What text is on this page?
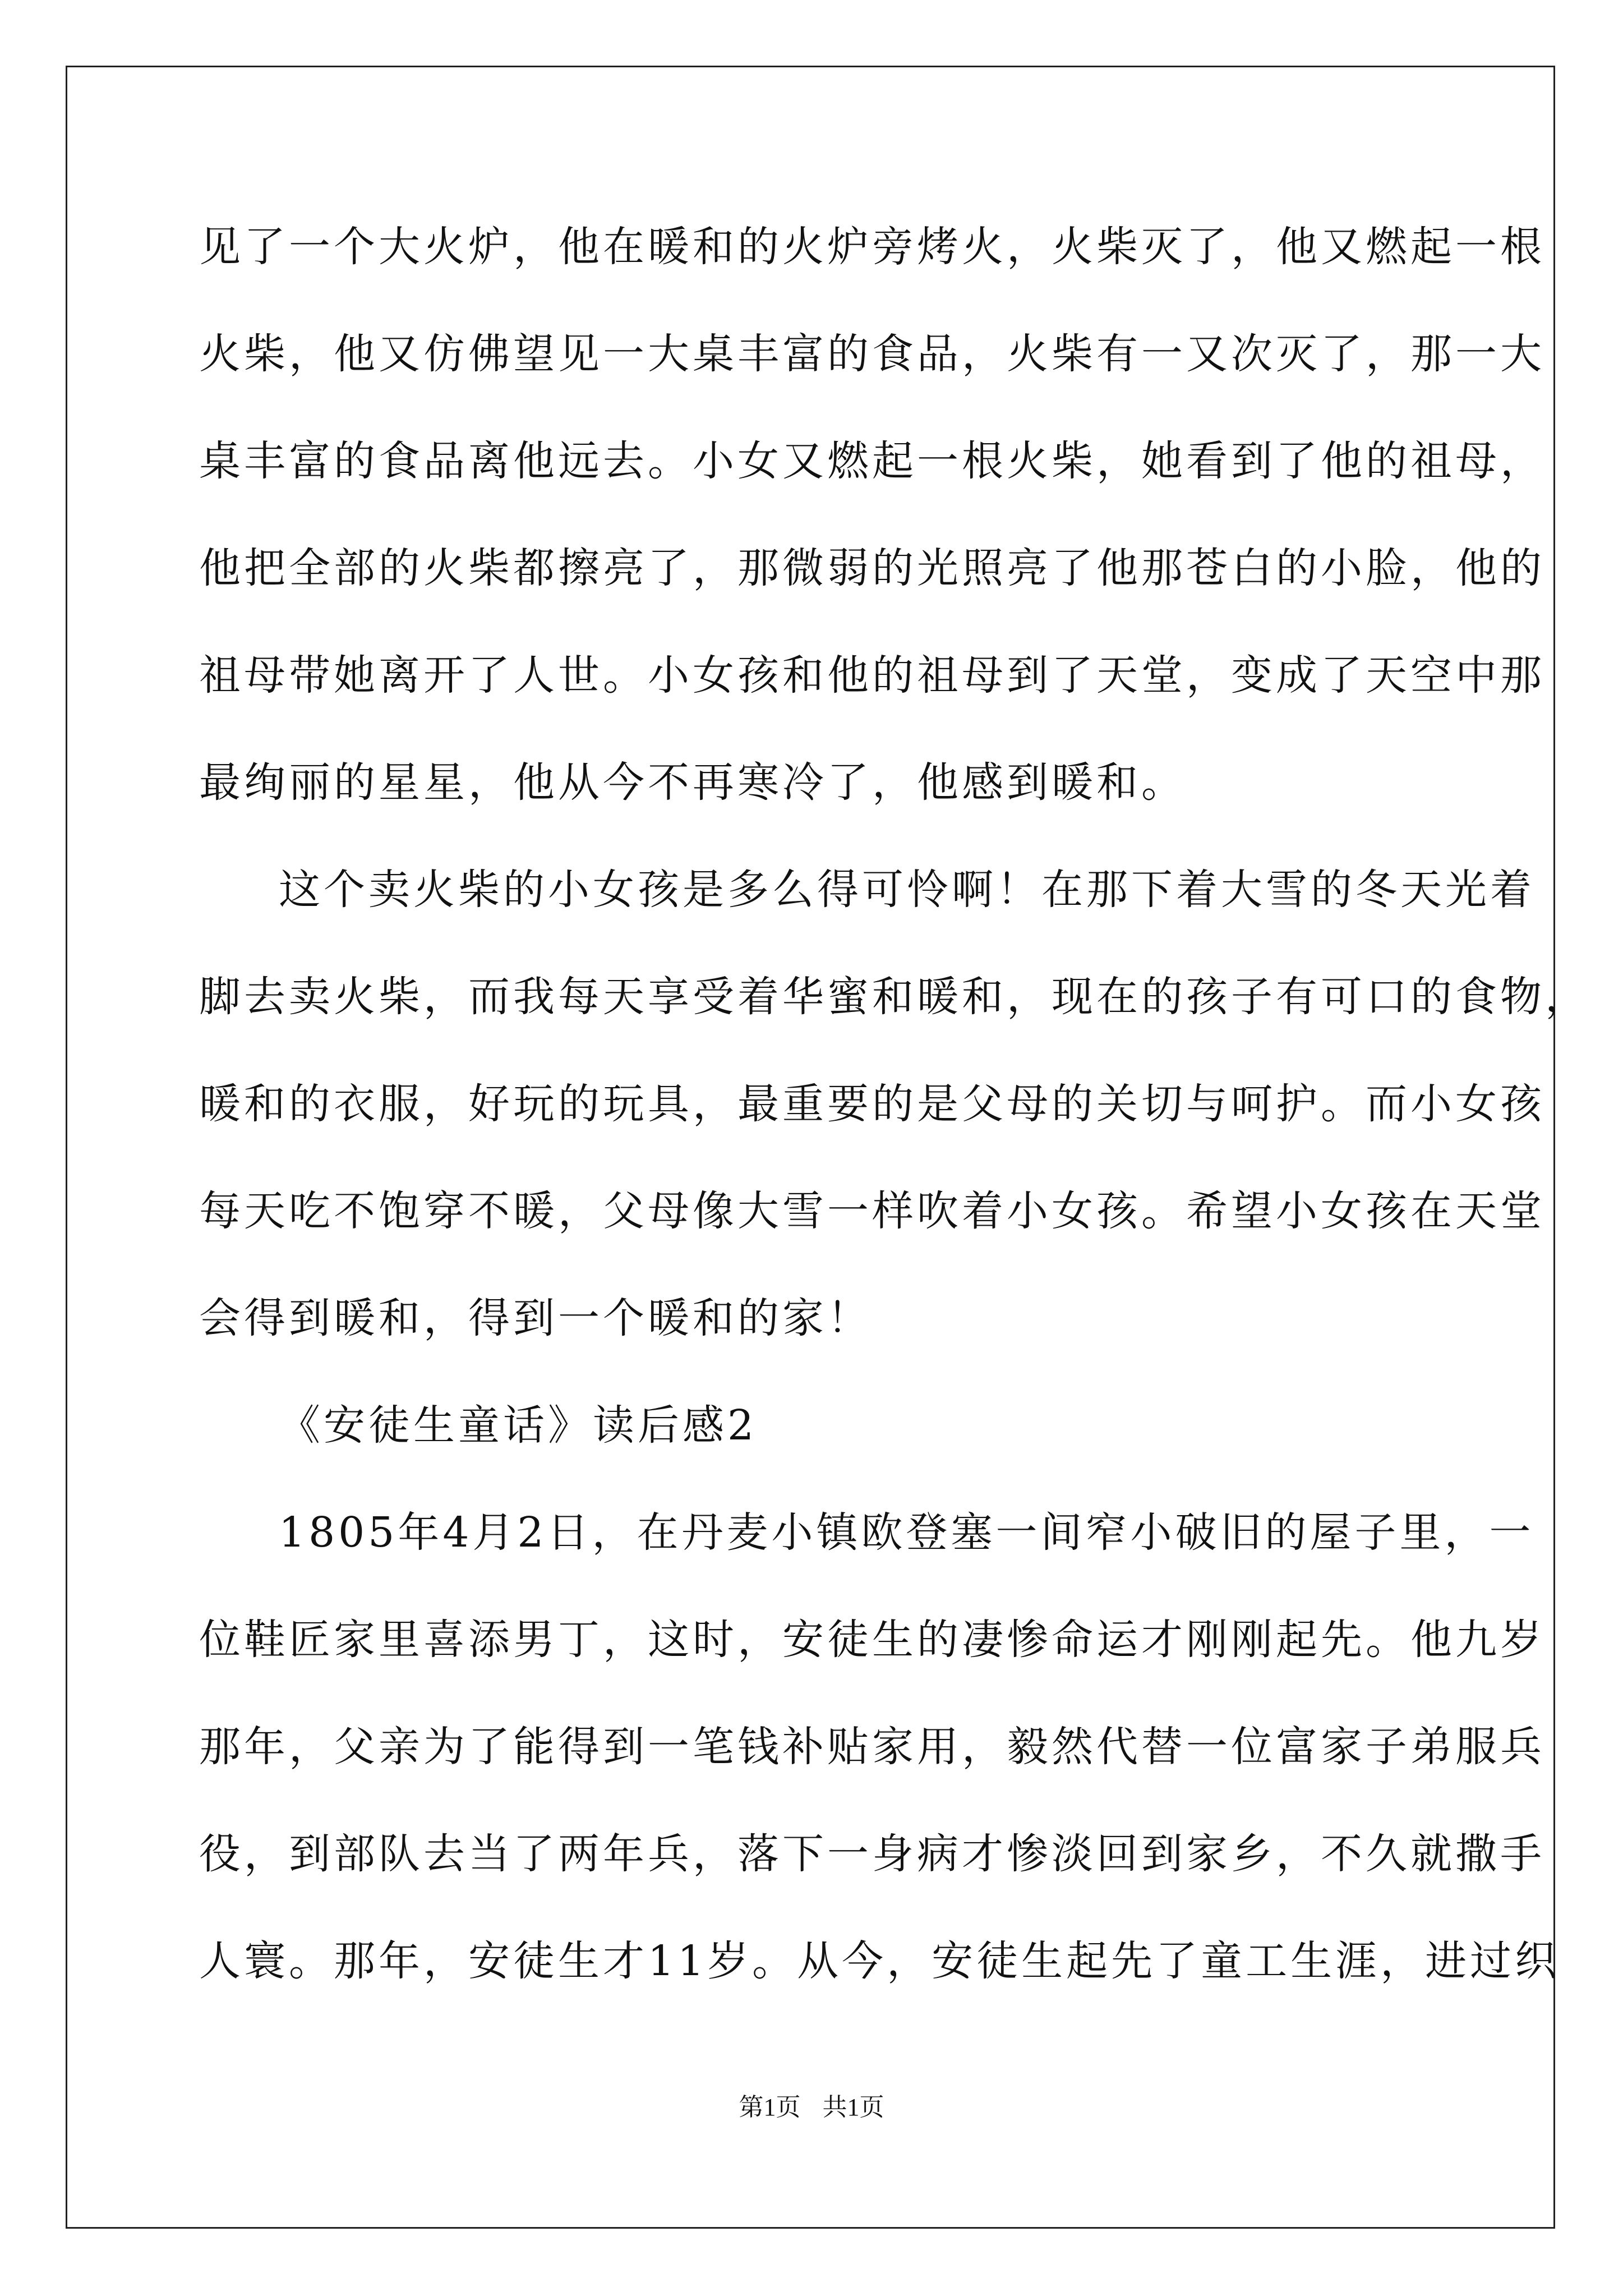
见了一个大火炉，他在暖和的火炉旁烤火，火柴灭了，他又燃起一根
火柴，他又仿佛望见一大桌丰富的食品，火柴有一又次灭了，那一大
桌丰富的食品离他远去。小女又燃起一根火柴，她看到了他的祖母，
他把全部的火柴都擦亮了，那微弱的光照亮了他那苍白的小脸，他的
祖母带她离开了人世。小女孩和他的祖母到了天堂，变成了天空中那
最绚丽的星星，他从今不再寒冷了，他感到暖和。
这个卖火柴的小女孩是多么得可怜啊！在那下着大雪的冬天光着
脚去卖火柴，而我每天享受着华蜜和暖和，现在的孩子有可口的食物，
暖和的衣服，好玩的玩具，最重要的是父母的关切与呵护。而小女孩
每天吃不饱穿不暖，父母像大雪一样吹着小女孩。希望小女孩在天堂
会得到暖和，得到一个暖和的家！
《安徒生童话》读后感2
1805年4月2日，在丹麦小镇欧登塞一间窄小破旧的屋子里，一
位鞋匠家里喜添男丁，这时，安徒生的凄惨命运才刚刚起先。他九岁
那年，父亲为了能得到一笔钱补贴家用，毅然代替一位富家子弟服兵
役，到部队去当了两年兵，落下一身病才惨淡回到家乡，不久就撒手
人寰。那年，安徒生才11岁。从今，安徒生起先了童工生涯，进过织
第1页 共1页
